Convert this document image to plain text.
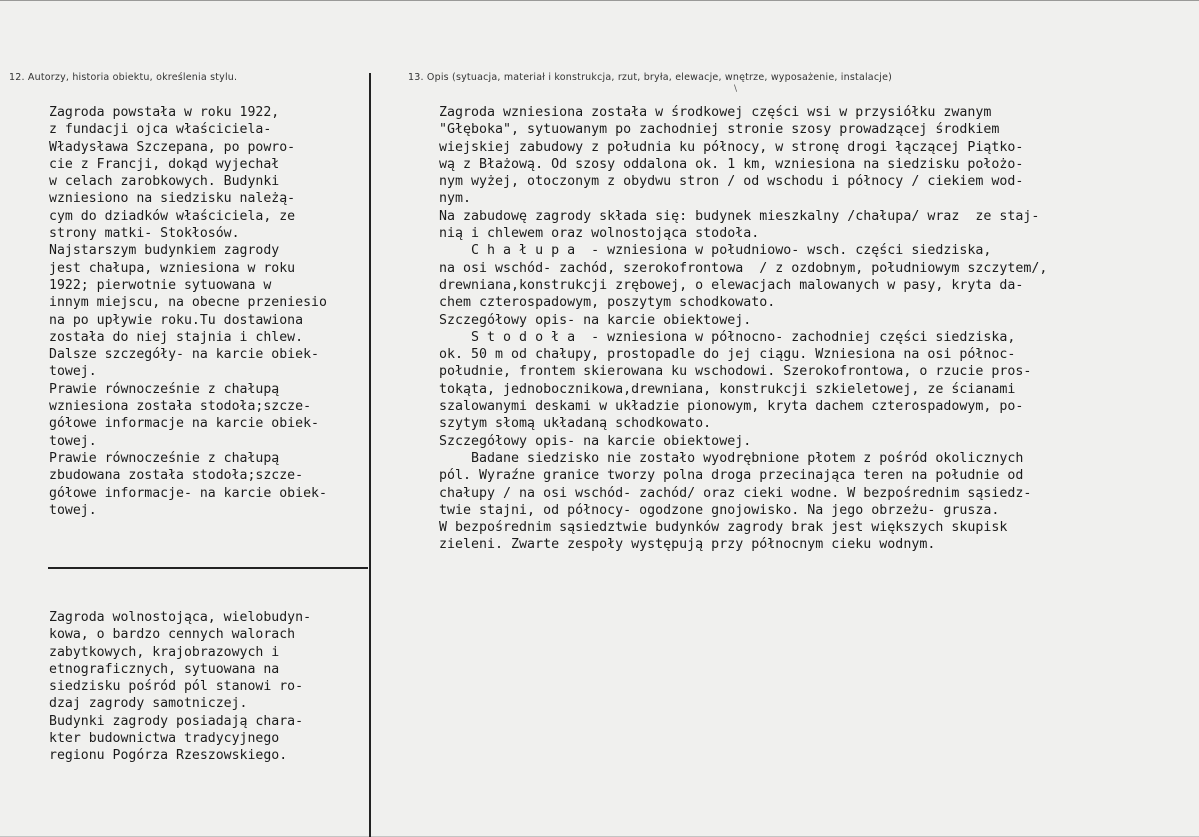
12. Autorzy, historia obiektu, określenia stylu.	13. Opis (sytuacja, materiał i konstrukcja, rzut, bryła, elewacje, wnętrze, wyposażenie, instalacje)
\
Zagroda powstała w roku 1922,
z fundacji ojca właściciela-
Władysława Szczepana, po powro-
cie z Francji, dokąd wyjechał
w celach zarobkowych. Budynki
wzniesiono na siedzisku należą-
cym do dziadków właściciela, ze
strony matki- Stokłosów.
Najstarszym budynkiem zagrody
jest chałupa, wzniesiona w roku
1922; pierwotnie sytuowana w
innym miejscu, na obecne przeniesio
na po upływie roku.Tu dostawiona
została do niej stajnia i chlew.
Dalsze szczegóły- na karcie obiek-
towej.
Prawie równocześnie z chałupą
wzniesiona została stodoła;szcze-
gółowe informacje na karcie obiek-
towej.
Prawie równocześnie z chałupą
zbudowana została stodoła;szcze-
gółowe informacje- na karcie obiek-
towej.
Zagroda wolnostojąca, wielobudyn-
kowa, o bardzo cennych walorach
zabytkowych, krajobrazowych i
etnograficznych, sytuowana na
siedzisku pośród pól stanowi ro-
dzaj zagrody samotniczej.
Budynki zagrody posiadają chara-
kter budownictwa tradycyjnego
regionu Pogórza Rzeszowskiego.
Zagroda wzniesiona została w środkowej części wsi w przysiółku zwanym
"Głęboka", sytuowanym po zachodniej stronie szosy prowadzącej środkiem
wiejskiej zabudowy z południa ku północy, w stronę drogi łączącej Piątko-
wą z Błażową. Od szosy oddalona ok. 1 km, wzniesiona na siedzisku położo-
nym wyżej, otoczonym z obydwu stron / od wschodu i północy / ciekiem wod-
nym.
Na zabudowę zagrody składa się: budynek mieszkalny /chałupa/ wraz  ze staj-
nią i chlewem oraz wolnostojąca stodoła.
C h a ł u p a  - wzniesiona w południowo- wsch. części siedziska,
na osi wschód- zachód, szerokofrontowa  / z ozdobnym, południowym szczytem/,
drewniana,konstrukcji zrębowej, o elewacjach malowanych w pasy, kryta da-
chem czterospadowym, poszytym schodkowato.
Szczegółowy opis- na karcie obiektowej.
S t o d o ł a  - wzniesiona w północno- zachodniej części siedziska,
ok. 50 m od chałupy, prostopadle do jej ciągu. Wzniesiona na osi północ-
południe, frontem skierowana ku wschodowi. Szerokofrontowa, o rzucie pros-
tokąta, jednobocznikowa,drewniana, konstrukcji szkieletowej, ze ścianami
szalowanymi deskami w układzie pionowym, kryta dachem czterospadowym, po-
szytym słomą układaną schodkowato.
Szczegółowy opis- na karcie obiektowej.
Badane siedzisko nie zostało wyodrębnione płotem z pośród okolicznych
pól. Wyraźne granice tworzy polna droga przecinająca teren na południe od
chałupy / na osi wschód- zachód/ oraz cieki wodne. W bezpośrednim sąsiedz-
twie stajni, od północy- ogodzone gnojowisko. Na jego obrzeżu- grusza.
W bezpośrednim sąsiedztwie budynków zagrody brak jest większych skupisk
zieleni. Zwarte zespoły występują przy północnym cieku wodnym.
